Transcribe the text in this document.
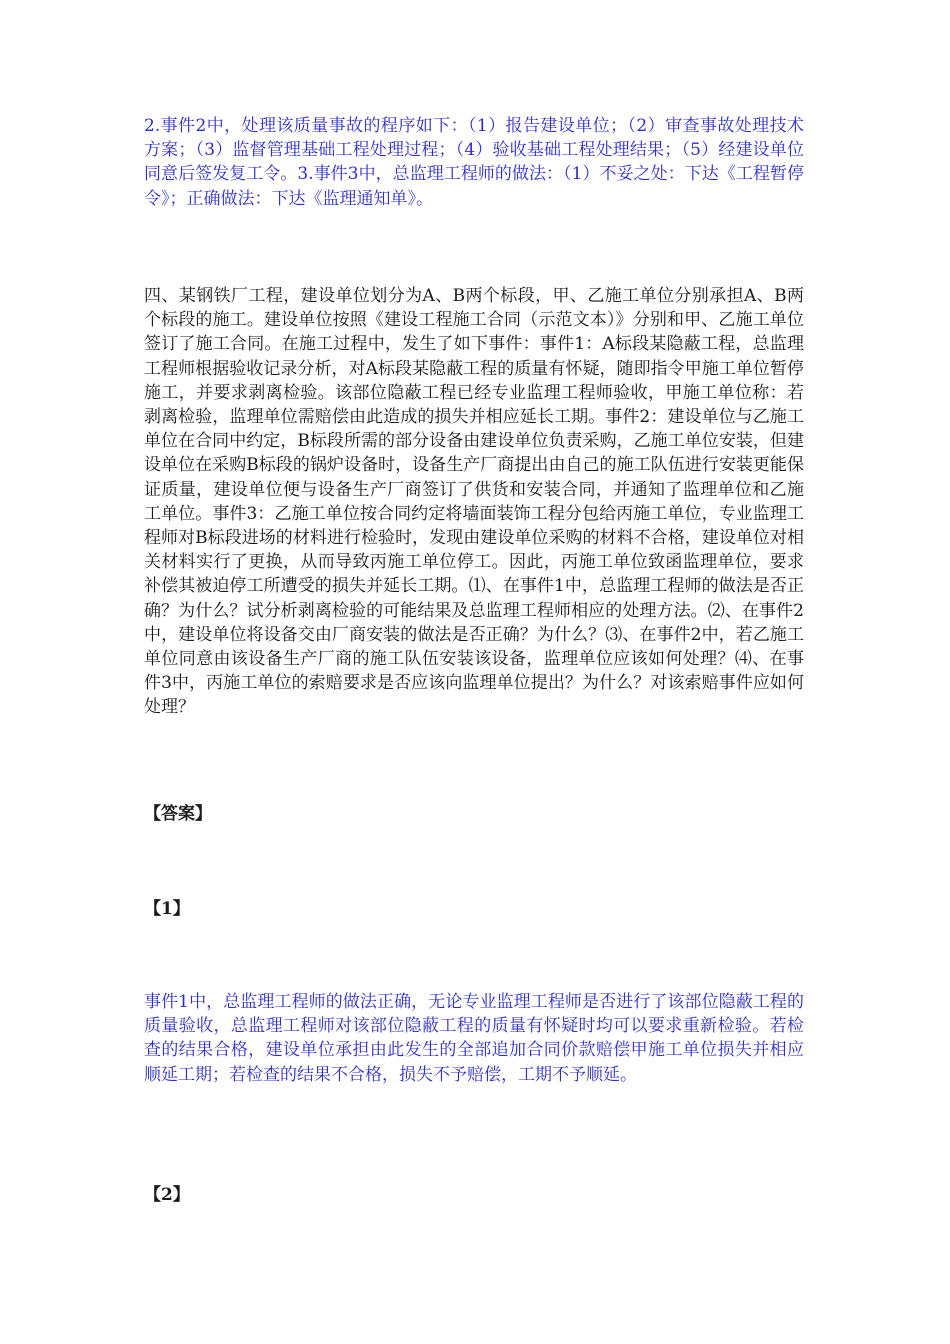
2.事件2中，处理该质量事故的程序如下：（1）报告建设单位；（2）审查事故处理技术方案；（3）监督管理基础工程处理过程；（4）验收基础工程处理结果；（5）经建设单位同意后签发复工令。3.事件3中，总监理工程师的做法：（1）不妥之处：下达《工程暂停令》；正确做法：下达《监理通知单》。
四、某钢铁厂工程，建设单位划分为A、B两个标段，甲、乙施工单位分别承担A、B两个标段的施工。建设单位按照《建设工程施工合同（示范文本）》分别和甲、乙施工单位签订了施工合同。在施工过程中，发生了如下事件：事件1：A标段某隐蔽工程，总监理工程师根据验收记录分析，对A标段某隐蔽工程的质量有怀疑，随即指令甲施工单位暂停施工，并要求剥离检验。该部位隐蔽工程已经专业监理工程师验收，甲施工单位称：若剥离检验，监理单位需赔偿由此造成的损失并相应延长工期。事件2：建设单位与乙施工单位在合同中约定，B标段所需的部分设备由建设单位负责采购，乙施工单位安装，但建设单位在采购B标段的锅炉设备时，设备生产厂商提出由自己的施工队伍进行安装更能保证质量，建设单位便与设备生产厂商签订了供货和安装合同，并通知了监理单位和乙施工单位。事件3：乙施工单位按合同约定将墙面装饰工程分包给丙施工单位，专业监理工程师对B标段进场的材料进行检验时，发现由建设单位采购的材料不合格，建设单位对相关材料实行了更换，从而导致丙施工单位停工。因此，丙施工单位致函监理单位，要求补偿其被迫停工所遭受的损失并延长工期。⑴、在事件1中，总监理工程师的做法是否正确？为什么？试分析剥离检验的可能结果及总监理工程师相应的处理方法。⑵、在事件2中，建设单位将设备交由厂商安装的做法是否正确？为什么？⑶、在事件2中，若乙施工单位同意由该设备生产厂商的施工队伍安装该设备，监理单位应该如何处理？⑷、在事件3中，丙施工单位的索赔要求是否应该向监理单位提出？为什么？对该索赔事件应如何处理？
【答案】
【1】
事件1中，总监理工程师的做法正确，无论专业监理工程师是否进行了该部位隐蔽工程的质量验收，总监理工程师对该部位隐蔽工程的质量有怀疑时均可以要求重新检验。若检查的结果合格，建设单位承担由此发生的全部追加合同价款赔偿甲施工单位损失并相应顺延工期；若检查的结果不合格，损失不予赔偿，工期不予顺延。
【2】
